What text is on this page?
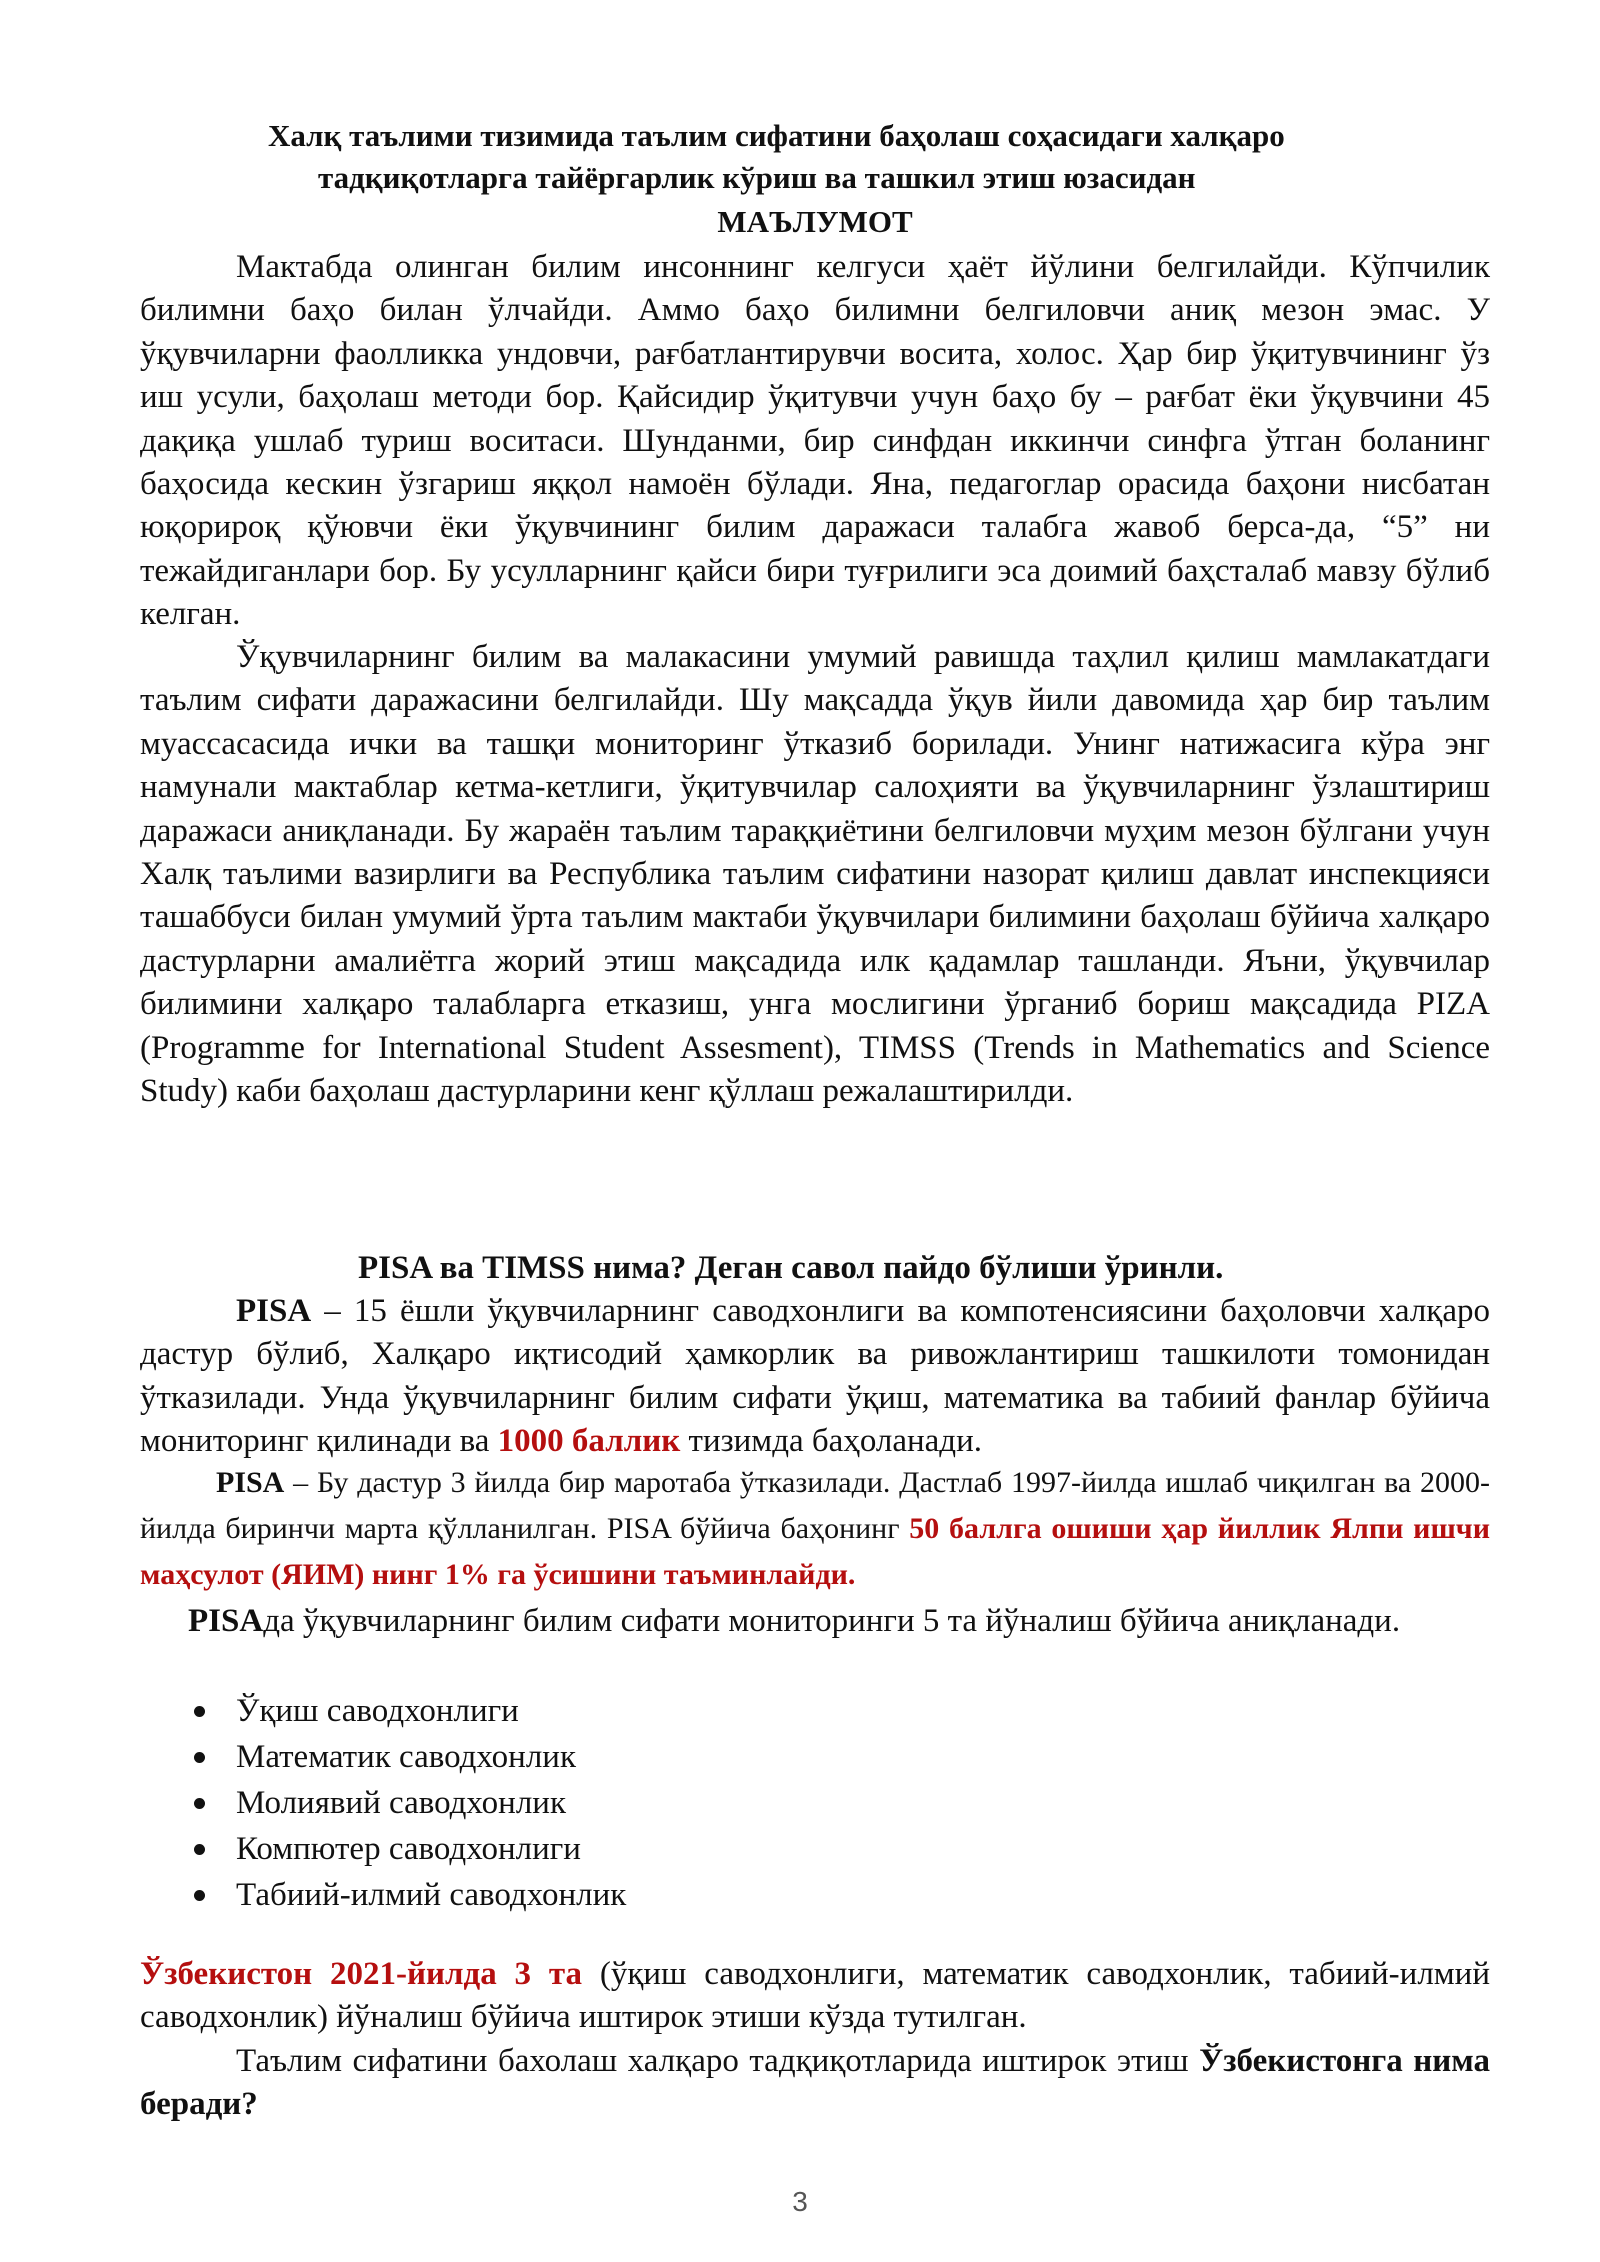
Халқ таълими тизимида таълим сифатини баҳолаш соҳасидаги халқаро
тадқиқотларга тайёргарлик кўриш ва ташкил этиш юзасидан
МАЪЛУМОТ

Мактабда олинган билим инсоннинг келгуси ҳаёт йўлини белгилайди. Кўпчилик билимни баҳо билан ўлчайди. Аммо баҳо билимни белгиловчи аниқ мезон эмас. У ўқувчиларни фаолликка ундовчи, рағбатлантирувчи восита, холос. Ҳар бир ўқитувчининг ўз иш усули, баҳолаш методи бор. Қайсидир ўқитувчи учун баҳо бу – рағбат ёки ўқувчини 45 дақиқа ушлаб туриш воситаси. Шунданми, бир синфдан иккинчи синфга ўтган боланинг баҳосида кескин ўзгариш яққол намоён бўлади. Яна, педагоглар орасида баҳони нисбатан юқорироқ қўювчи ёки ўқувчининг билим даражаси талабга жавоб берса-да, “5” ни тежайдиганлари бор. Бу усулларнинг қайси бири туғрилиги эса доимий баҳсталаб мавзу бўлиб келган.

Ўқувчиларнинг билим ва малакасини умумий равишда таҳлил қилиш мамлакатдаги таълим сифати даражасини белгилайди. Шу мақсадда ўқув йили давомида ҳар бир таълим муассасасида ички ва ташқи мониторинг ўтказиб борилади. Унинг натижасига кўра энг намунали мактаблар кетма-кетлиги, ўқитувчилар салоҳияти ва ўқувчиларнинг ўзлаштириш даражаси аниқланади. Бу жараён таълим тараққиётини белгиловчи муҳим мезон бўлгани учун Халқ таълими вазирлиги ва Республика таълим сифатини назорат қилиш давлат инспекцияси ташаббуси билан умумий ўрта таълим мактаби ўқувчилари билимини баҳолаш бўйича халқаро дастурларни амалиётга жорий этиш мақсадида илк қадамлар ташланди. Яъни, ўқувчилар билимини халқаро талабларга етказиш, унга мослигини ўрганиб бориш мақсадида PIZA (Programme for International Student Assesment), TIMSS (Trends in Mathematics and Science Study) каби баҳолаш дастурларини кенг қўллаш режалаштирилди.

PISA ва TIMSS нима? Деган савол пайдо бўлиши ўринли.

PISA – 15 ёшли ўқувчиларнинг саводхонлиги ва компотенсиясини баҳоловчи халқаро дастур бўлиб, Халқаро иқтисодий ҳамкорлик ва ривожлантириш ташкилоти томонидан ўтказилади. Унда ўқувчиларнинг билим сифати ўқиш, математика ва табиий фанлар бўйича мониторинг қилинади ва 1000 баллик тизимда баҳоланади.

PISA – Бу дастур 3 йилда бир маротаба ўтказилади. Дастлаб 1997-йилда ишлаб чиқилган ва 2000-йилда биринчи марта қўлланилган. PISA бўйича баҳонинг 50 баллга ошиши ҳар йиллик Ялпи ишчи маҳсулот (ЯИМ) нинг 1% га ўсишини таъминлайди.

PISAда ўқувчиларнинг билим сифати мониторинги 5 та йўналиш бўйича аниқланади.

Ўқиш саводхонлиги
Математик саводхонлик
Молиявий саводхонлик
Компютер саводхонлиги
Табиий-илмий саводхонлик

Ўзбекистон 2021-йилда 3 та (ўқиш саводхонлиги, математик саводхонлик, табиий-илмий саводхонлик) йўналиш бўйича иштирок этиши кўзда тутилган.

Таълим сифатини бахолаш халқаро тадқиқотларида иштирок этиш Ўзбекистонга нима беради?

3
